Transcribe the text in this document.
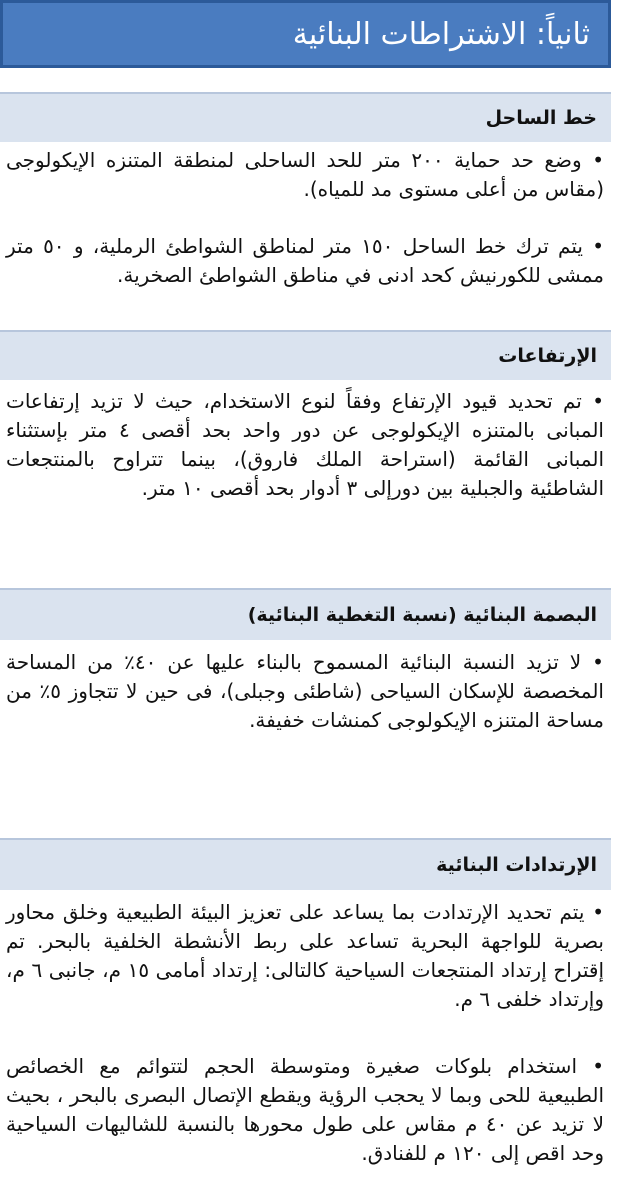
ثانياً: الاشتراطات البنائية
خط الساحل

• وضع حد حماية ٢٠٠ متر للحد الساحلى لمنطقة المتنزه الإيكولوجى (مقاس من أعلى مستوى مد للمياه).

• يتم ترك خط الساحل ١٥٠ متر لمناطق الشواطئ الرملية، و ٥٠ متر ممشى للكورنيش كحد ادنى في مناطق الشواطئ الصخرية.

الإرتفاعات

• تم تحديد قيود الإرتفاع وفقاً لنوع الاستخدام، حيث لا تزيد إرتفاعات المبانى بالمتنزه الإيكولوجى عن دور واحد بحد أقصى ٤ متر بإستثناء المبانى القائمة (استراحة الملك فاروق)، بينما تتراوح بالمنتجعات الشاطئية والجبلية بين دورإلى ٣ أدوار بحد أقصى ١٠ متر.

البصمة البنائية (نسبة التغطية البنائية)

• لا تزيد النسبة البنائية المسموح بالبناء عليها عن ٤٠٪ من المساحة المخصصة للإسكان السياحى (شاطئى وجبلى)، فى حين لا تتجاوز ٥٪ من مساحة المتنزه الإيكولوجى كمنشات خفيفة.

الإرتدادات البنائية

• يتم تحديد الإرتدادت بما يساعد على تعزيز البيئة الطبيعية وخلق محاور بصرية للواجهة البحرية تساعد على ربط الأنشطة الخلفية بالبحر. تم إقتراح إرتداد المنتجعات السياحية كالتالى: إرتداد أمامى ١٥ م، جانبى ٦ م، وإرتداد خلفى ٦ م.

• استخدام بلوكات صغيرة ومتوسطة الحجم لتتوائم مع الخصائص الطبيعية للحى وبما لا يحجب الرؤية ويقطع الإتصال البصرى بالبحر ، بحيث لا تزيد عن ٤٠ م مقاس على طول محورها بالنسبة للشاليهات السياحية وحد اقص إلى ١٢٠ م للفنادق.
